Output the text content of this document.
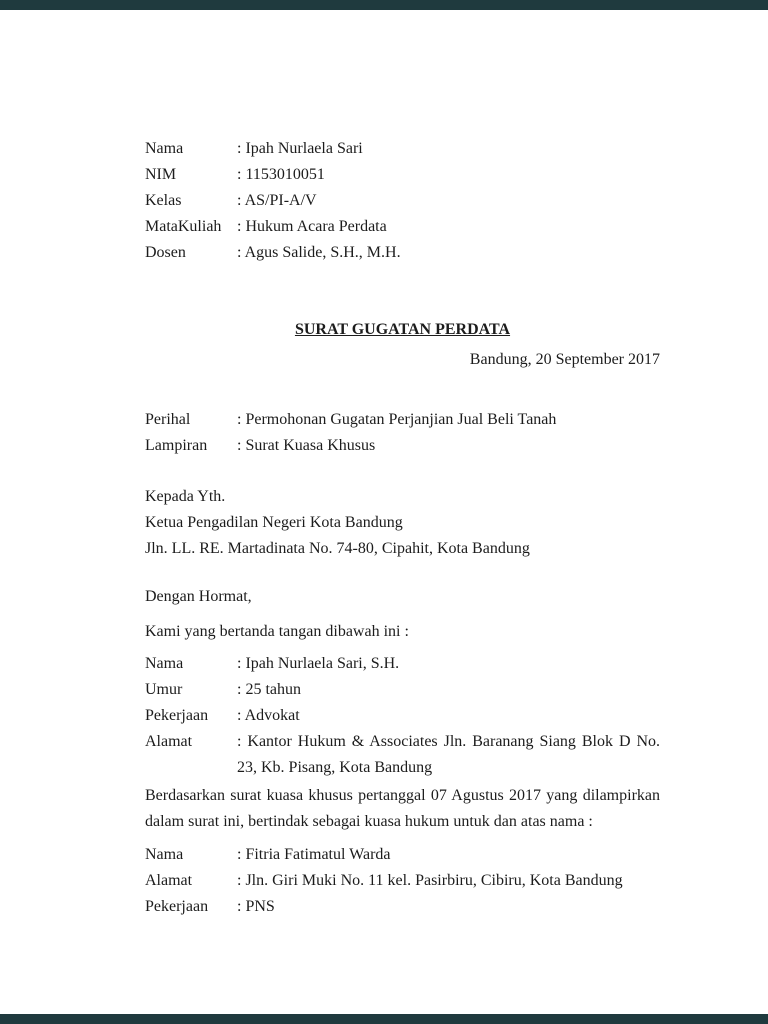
Nama	: Ipah Nurlaela Sari
NIM	: 1153010051
Kelas	: AS/PI-A/V
MataKuliah : Hukum Acara Perdata
Dosen	: Agus Salide, S.H., M.H.
SURAT GUGATAN PERDATA
Bandung, 20 September 2017
Perihal	: Permohonan Gugatan Perjanjian Jual Beli Tanah
Lampiran	: Surat Kuasa Khusus
Kepada Yth.
Ketua Pengadilan Negeri Kota Bandung
Jln. LL. RE. Martadinata No. 74-80, Cipahit, Kota Bandung
Dengan Hormat,
Kami yang bertanda tangan dibawah ini :
Nama	: Ipah Nurlaela Sari, S.H.
Umur	: 25 tahun
Pekerjaan	: Advokat
Alamat	: Kantor Hukum & Associates Jln. Baranang Siang Blok D No.
23, Kb. Pisang, Kota Bandung
Berdasarkan surat kuasa khusus pertanggal 07 Agustus 2017 yang dilampirkan
dalam surat ini, bertindak sebagai kuasa hukum untuk dan atas nama :
Nama	: Fitria Fatimatul Warda
Alamat	: Jln. Giri Muki No. 11 kel. Pasirbiru, Cibiru, Kota Bandung
Pekerjaan	: PNS
